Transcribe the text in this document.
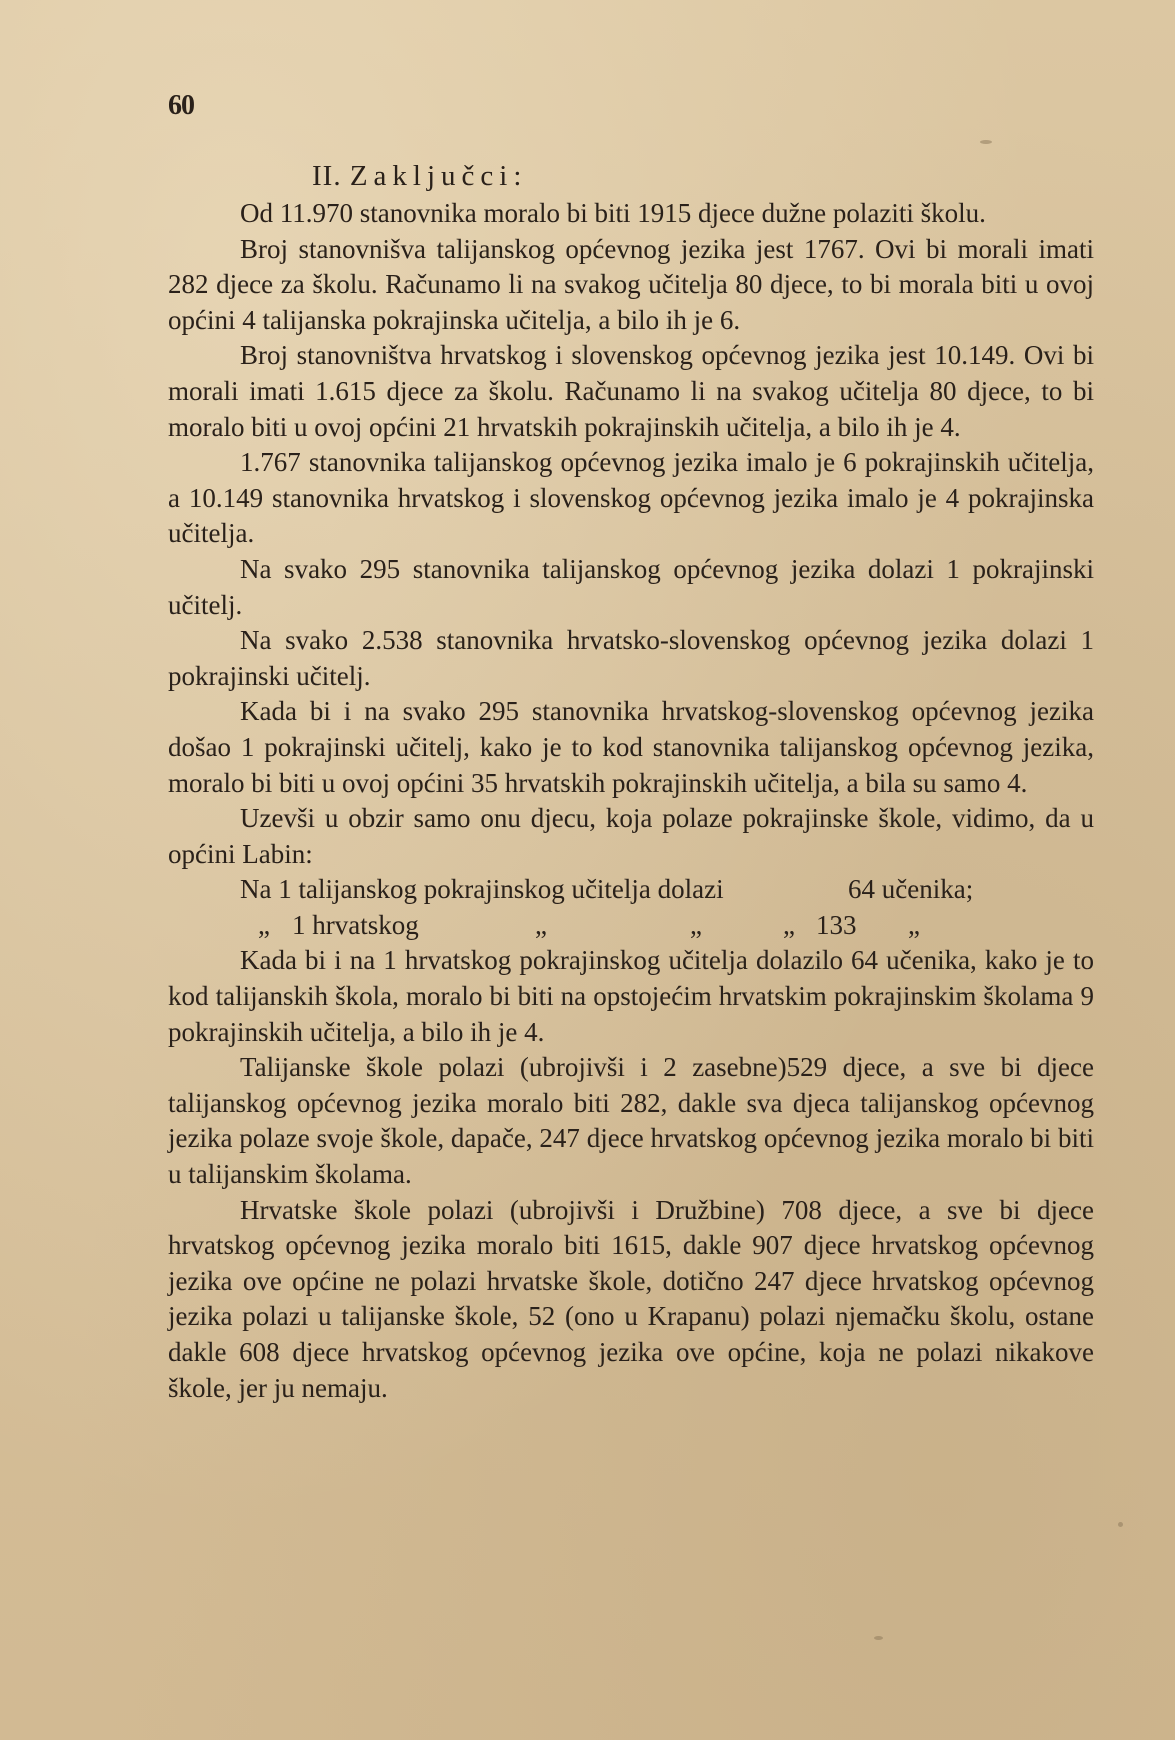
60
II. Zaključci:

Od 11.970 stanovnika moralo bi biti 1915 djece dužne polaziti školu.

Broj stanovnišva talijanskog općevnog jezika jest 1767. Ovi bi morali imati 282 djece za školu. Računamo li na svakog učitelja 80 djece, to bi morala biti u ovoj općini 4 talijanska pokrajinska učitelja, a bilo ih je 6.

Broj stanovništva hrvatskog i slovenskog općevnog jezika jest 10.149. Ovi bi morali imati 1.615 djece za školu. Računamo li na svakog učitelja 80 djece, to bi moralo biti u ovoj općini 21 hrvatskih pokrajinskih učitelja, a bilo ih je 4.

1.767 stanovnika talijanskog općevnog jezika imalo je 6 pokrajinskih učitelja, a 10.149 stanovnika hrvatskog i slovenskog općevnog jezika imalo je 4 pokrajinska učitelja.

Na svako 295 stanovnika talijanskog općevnog jezika dolazi 1 pokrajinski učitelj.

Na svako 2.538 stanovnika hrvatsko-slovenskog općevnog jezika dolazi 1 pokrajinski učitelj.

Kada bi i na svako 295 stanovnika hrvatskog-slovenskog općevnog jezika došao 1 pokrajinski učitelj, kako je to kod stanovnika talijanskog općevnog jezika, moralo bi biti u ovoj općini 35 hrvatskih pokrajinskih učitelja, a bila su samo 4.

Uzevši u obzir samo onu djecu, koja polaze pokrajinske škole, vidimo, da u općini Labin:

Na 1 talijanskog pokrajinskog učitelja dolazi	64 učenika;
„ 1 hrvatskog	„	„	„ 133 „

Kada bi i na 1 hrvatskog pokrajinskog učitelja dolazilo 64 učenika, kako je to kod talijanskih škola, moralo bi biti na opstojećim hrvatskim pokrajinskim školama 9 pokrajinskih učitelja, a bilo ih je 4.

Talijanske škole polazi (ubrojivši i 2 zasebne)529 djece, a sve bi djece talijanskog općevnog jezika moralo biti 282, dakle sva djeca talijanskog općevnog jezika polaze svoje škole, dapače, 247 djece hrvatskog općevnog jezika moralo bi biti u talijanskim školama.

Hrvatske škole polazi (ubrojivši i Družbine) 708 djece, a sve bi djece hrvatskog općevnog jezika moralo biti 1615, dakle 907 djece hrvatskog općevnog jezika ove općine ne polazi hrvatske škole, dotično 247 djece hrvatskog općevnog jezika polazi u talijanske škole, 52 (ono u Krapanu) polazi njemačku školu, ostane dakle 608 djece hrvatskog općevnog jezika ove općine, koja ne polazi nikakove škole, jer ju nemaju.
